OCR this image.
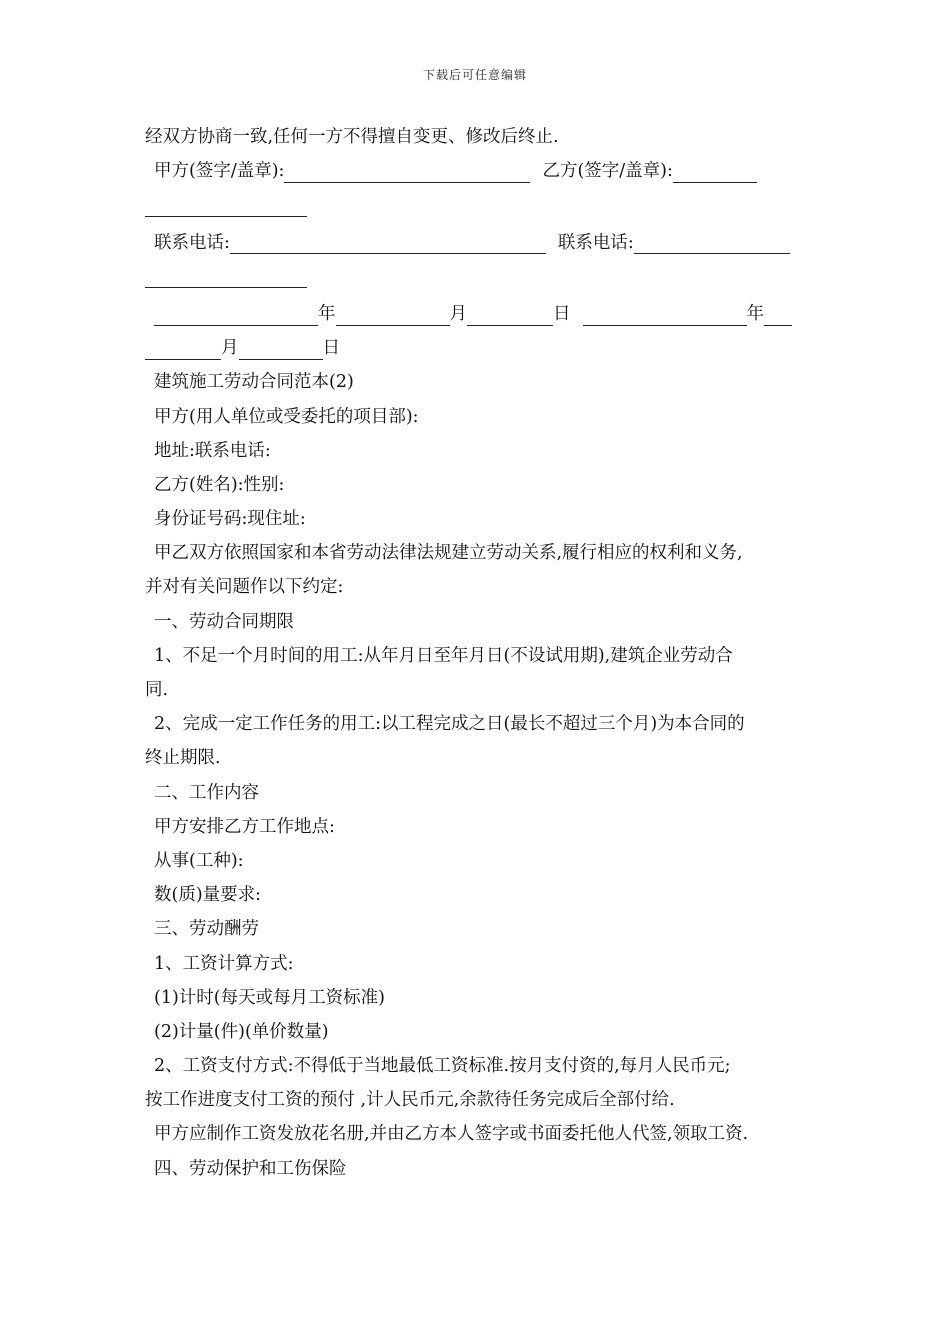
下载后可任意编辑
经双方协商一致,任何一方不得擅自变更、修改后终止.
甲方(签字/盖章):	乙方(签字/盖章):
联系电话:	联系电话:
年	月	日	年
月	日
建筑施工劳动合同范本(2)
甲方(用人单位或受委托的项目部):
地址:联系电话:
乙方(姓名):性别:
身份证号码:现住址:
甲乙双方依照国家和本省劳动法律法规建立劳动关系,履行相应的权利和义务,
并对有关问题作以下约定:
一、劳动合同期限
1、不足一个月时间的用工:从年月日至年月日(不设试用期),建筑企业劳动合
同.
2、完成一定工作任务的用工:以工程完成之日(最长不超过三个月)为本合同的
终止期限.
二、工作内容
甲方安排乙方工作地点:
从事(工种):
数(质)量要求:
三、劳动酬劳
1、工资计算方式:
(1)计时(每天或每月工资标准)
(2)计量(件)(单价数量)
2、工资支付方式:不得低于当地最低工资标准.按月支付资的,每月人民币元;
按工作进度支付工资的预付 ,计人民币元,余款待任务完成后全部付给.
甲方应制作工资发放花名册,并由乙方本人签字或书面委托他人代签,领取工资.
四、劳动保护和工伤保险
